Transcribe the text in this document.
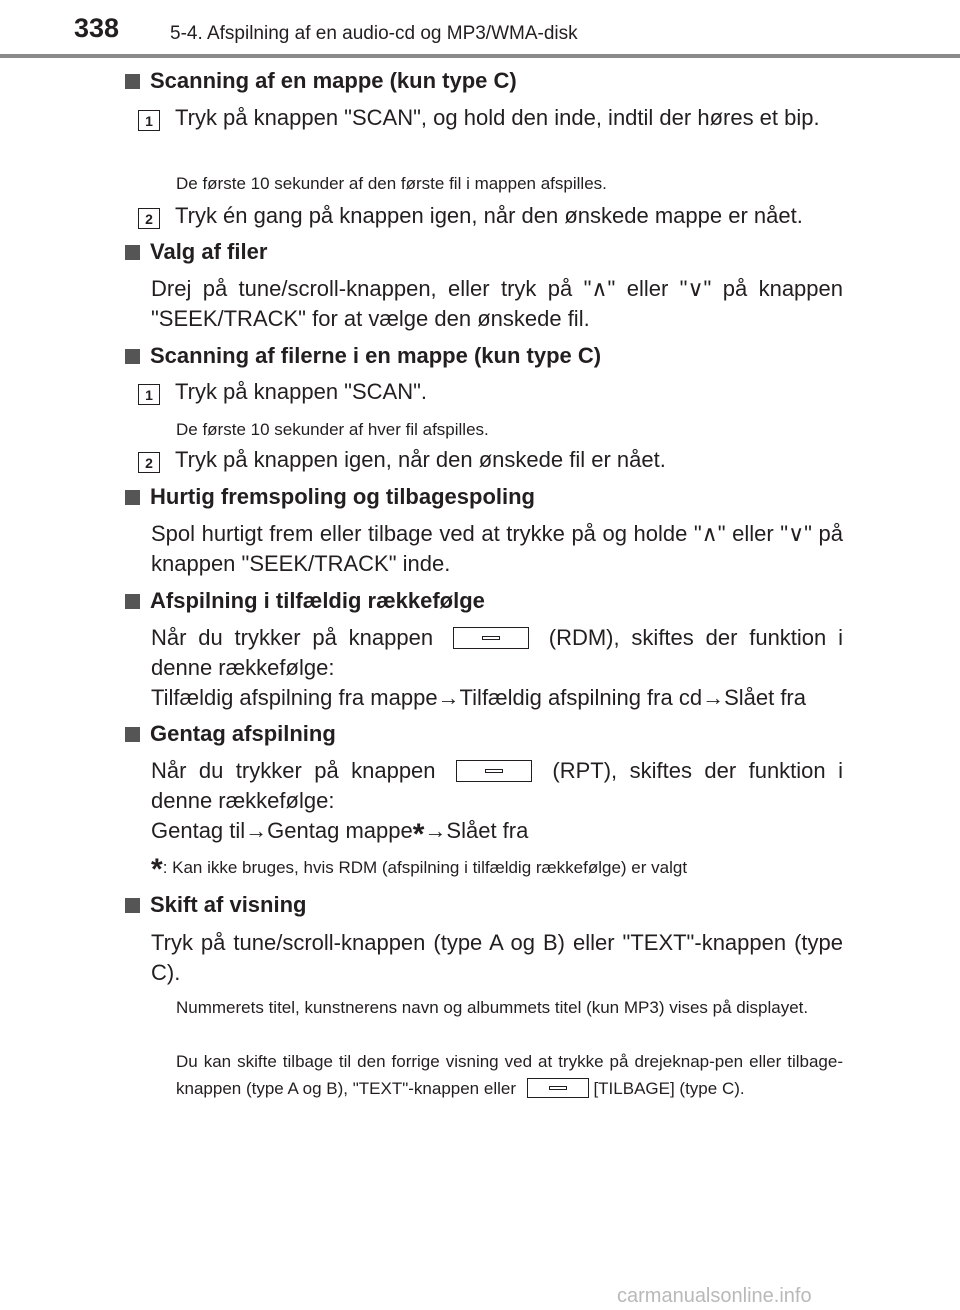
338	5-4. Afspilning af en audio-cd og MP3/WMA-disk
Scanning af en mappe (kun type C)
1	Tryk på knappen "SCAN", og hold den inde, indtil der høres et bip.
De første 10 sekunder af den første fil i mappen afspilles.
2	Tryk én gang på knappen igen, når den ønskede mappe er nået.
Valg af filer
Drej på tune/scroll-knappen, eller tryk på "∧" eller "∨" på knappen "SEEK/TRACK" for at vælge den ønskede fil.
Scanning af filerne i en mappe (kun type C)
1	Tryk på knappen "SCAN".
De første 10 sekunder af hver fil afspilles.
2	Tryk på knappen igen, når den ønskede fil er nået.
Hurtig fremspoling og tilbagespoling
Spol hurtigt frem eller tilbage ved at trykke på og holde "∧" eller "∨" på knappen "SEEK/TRACK" inde.
Afspilning i tilfældig rækkefølge
Når du trykker på knappen	(RDM), skiftes der funktion i denne rækkefølge:
Tilfældig afspilning fra mappe→Tilfældig afspilning fra cd→Slået fra
Gentag afspilning
Når du trykker på knappen	(RPT), skiftes der funktion i denne rækkefølge:
Gentag til→Gentag mappe*→Slået fra
*: Kan ikke bruges, hvis RDM (afspilning i tilfældig rækkefølge) er valgt
Skift af visning
Tryk på tune/scroll-knappen (type A og B) eller "TEXT"-knappen (type C).
Nummerets titel, kunstnerens navn og albummets titel (kun MP3) vises på displayet.
Du kan skifte tilbage til den forrige visning ved at trykke på drejeknap-pen eller tilbage-knappen (type A og B), "TEXT"-knappen eller	[TILBAGE] (type C).
carmanualsonline.info
